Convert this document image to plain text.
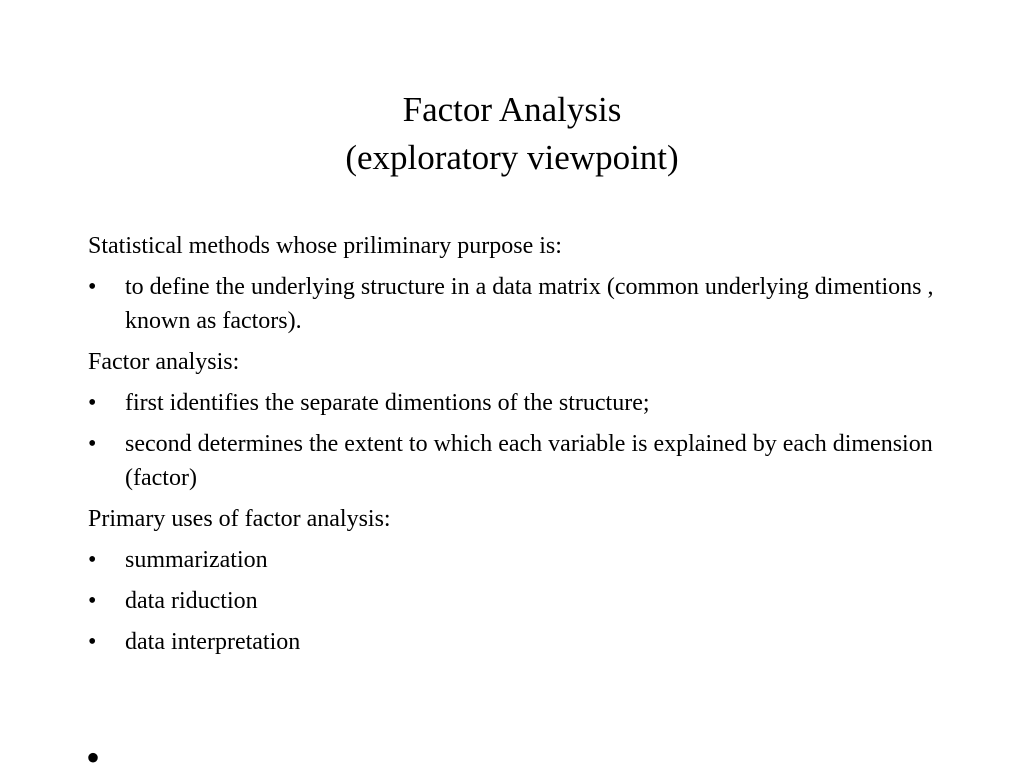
Factor Analysis
(exploratory viewpoint)
Statistical methods whose priliminary purpose is:
•	to define the underlying structure in a data matrix (common underlying dimentions , known as factors).
Factor analysis:
•	first identifies the separate dimentions of the structure;
•	second determines the extent to which each variable is explained by each dimension (factor)
Primary uses of factor analysis:
•	summarization
•	data riduction
•	data interpretation
•
